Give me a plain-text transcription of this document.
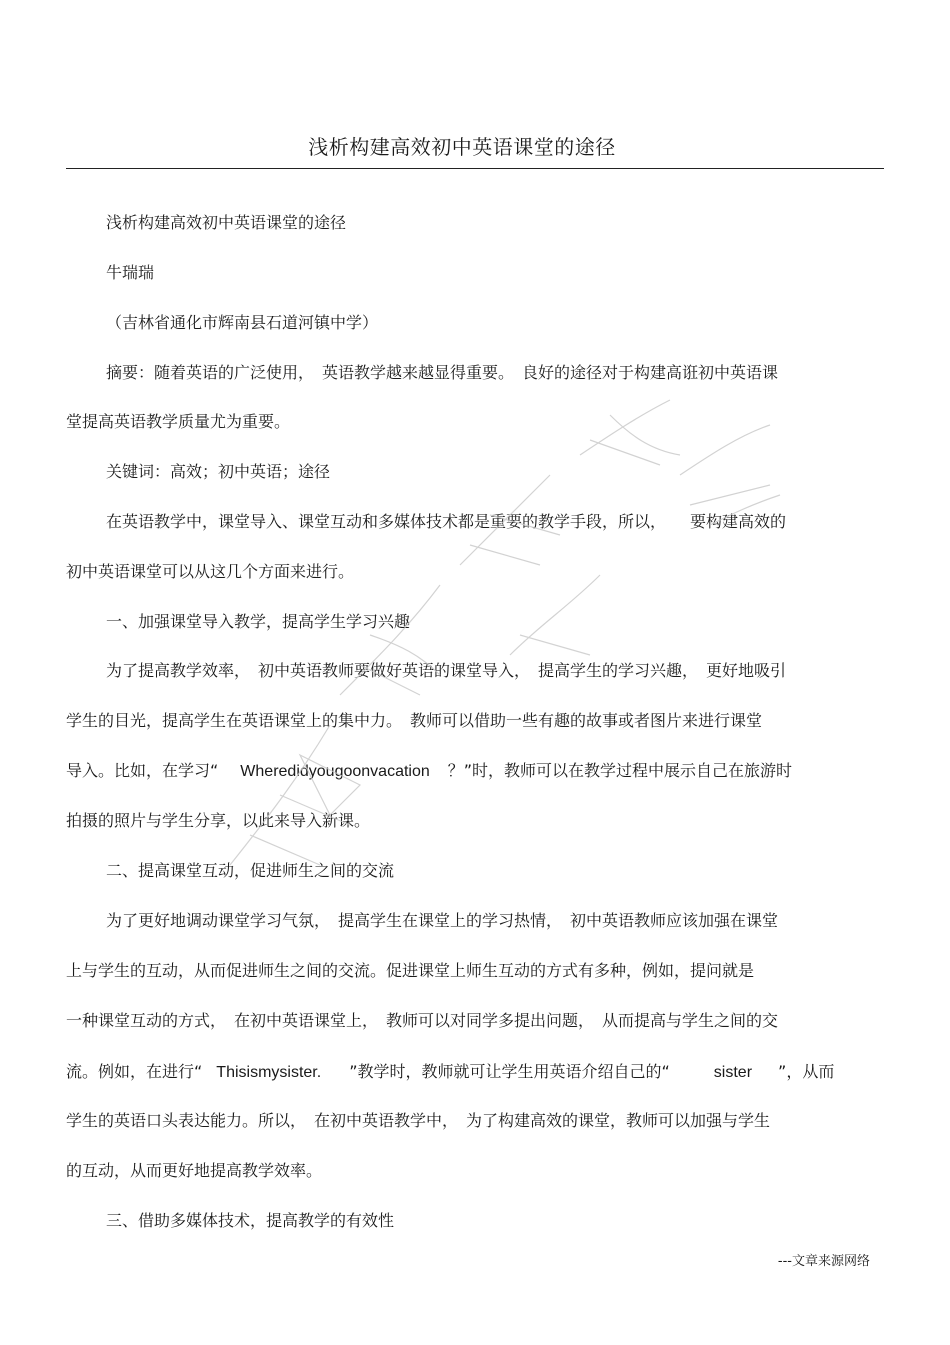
浅析构建高效初中英语课堂的途径
浅析构建高效初中英语课堂的途径
牛瑞瑞
（吉林省通化市辉南县石道河镇中学）
摘要：随着英语的广泛使用，　英语教学越来越显得重要。　良好的途径对于构建高诳初中英语课
堂提高英语教学质量尤为重要。
关键词：高效；初中英语；途径
在英语教学中，课堂导入、课堂互动和多媒体技术都是重要的教学手段，所以，　　要构建高效的
初中英语课堂可以从这几个方面来进行。
一、加强课堂导入教学，提高学生学习兴趣
为了提高教学效率，　初中英语教师要做好英语的课堂导入，　提高学生的学习兴趣，　更好地吸引
学生的目光，提高学生在英语课堂上的集中力。　教师可以借助一些有趣的故事或者图片来进行课堂
导入。比如，在学习“ Wheredidyougoonvacation ？”时，教师可以在教学过程中展示自己在旅游时
拍摄的照片与学生分享，以此来导入新课。
二、提高课堂互动，促进师生之间的交流
为了更好地调动课堂学习气氛，　提高学生在课堂上的学习热情，　初中英语教师应该加强在课堂
上与学生的互动，从而促进师生之间的交流。促进课堂上师生互动的方式有多种，例如，提问就是
一种课堂互动的方式，　在初中英语课堂上，　教师可以对同学多提出问题，　从而提高与学生之间的交
流。例如，在进行“ Thisismysister. ”教学时，教师就可让学生用英语介绍自己的“	sister ”，从而
学生的英语口头表达能力。所以，　在初中英语教学中，　为了构建高效的课堂，教师可以加强与学生
的互动，从而更好地提高教学效率。
三、借助多媒体技术，提高教学的有效性
---文章来源网络
